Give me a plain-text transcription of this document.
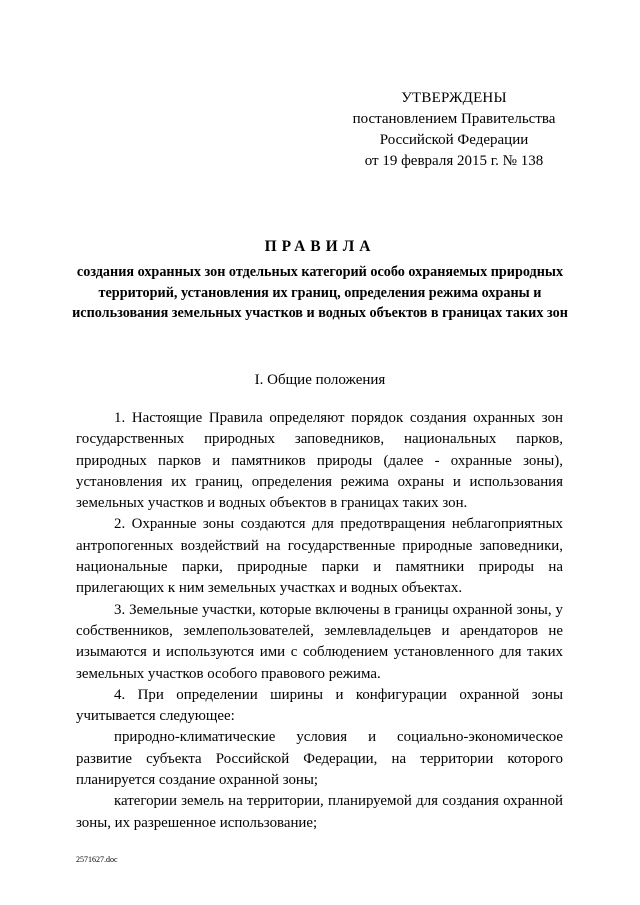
УТВЕРЖДЕНЫ
постановлением Правительства
Российской Федерации
от 19 февраля 2015 г. № 138
ПРАВИЛА
создания охранных зон отдельных категорий особо охраняемых природных территорий, установления их границ, определения режима охраны и использования земельных участков и водных объектов в границах таких зон
I. Общие положения

1. Настоящие Правила определяют порядок создания охранных зон государственных природных заповедников, национальных парков, природных парков и памятников природы (далее - охранные зоны), установления их границ, определения режима охраны и использования земельных участков и водных объектов в границах таких зон.

2. Охранные зоны создаются для предотвращения неблагоприятных антропогенных воздействий на государственные природные заповедники, национальные парки, природные парки и памятники природы на прилегающих к ним земельных участках и водных объектах.

3. Земельные участки, которые включены в границы охранной зоны, у собственников, землепользователей, землевладельцев и арендаторов не изымаются и используются ими с соблюдением установленного для таких земельных участков особого правового режима.

4. При определении ширины и конфигурации охранной зоны учитывается следующее:

природно-климатические условия и социально-экономическое развитие субъекта Российской Федерации, на территории которого планируется создание охранной зоны;

категории земель на территории, планируемой для создания охранной зоны, их разрешенное использование;

2571627.doc
